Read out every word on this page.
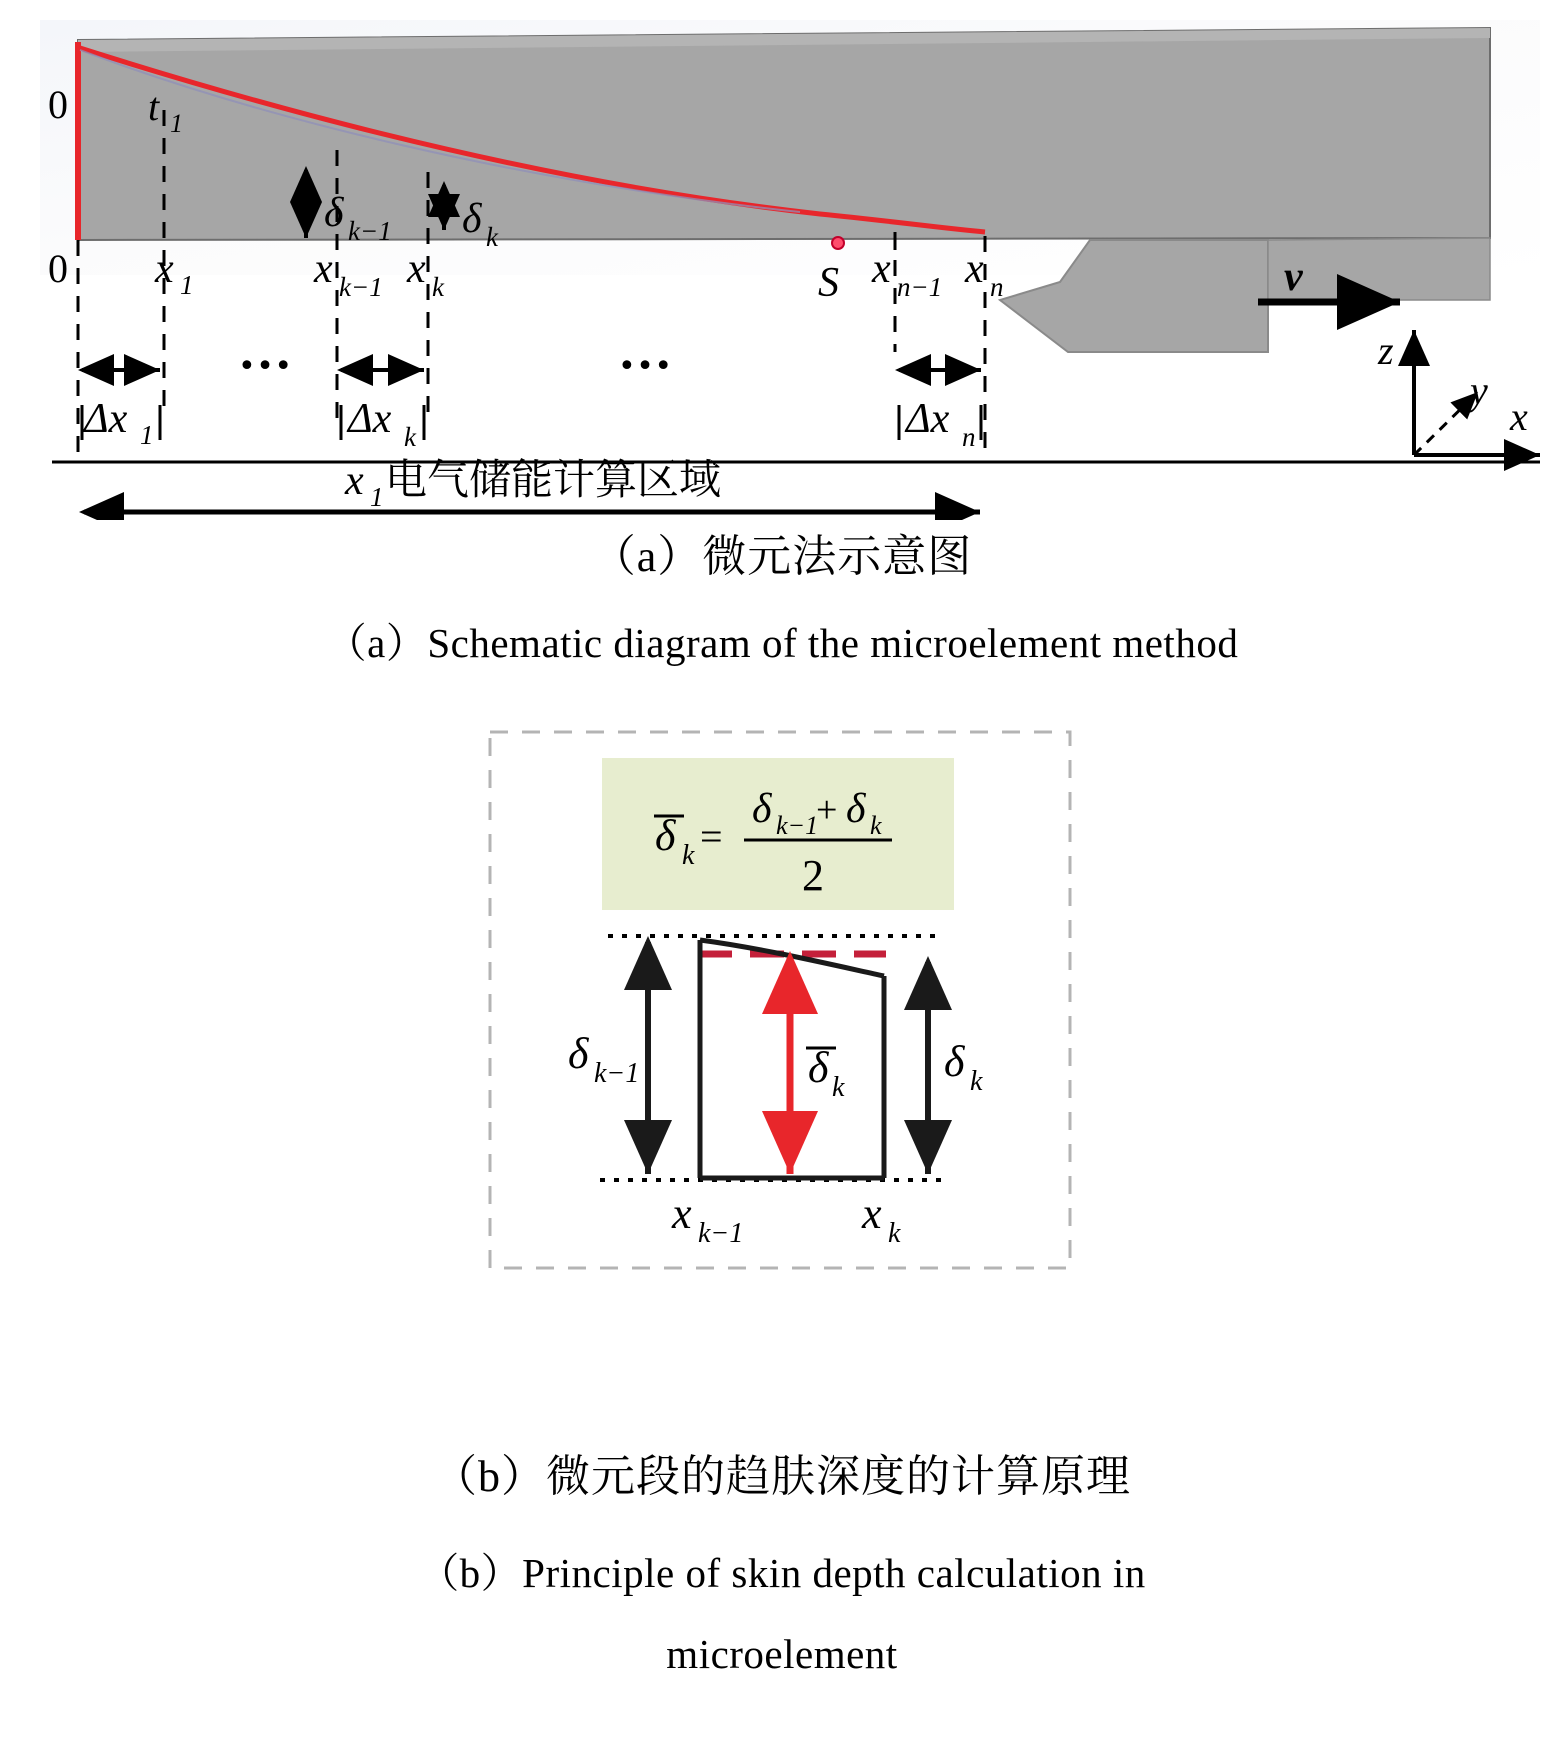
0
0
t 1
x 1	x k−1 x k	x n−1 x n
δ k−1 δ k
Δx 1	Δx k	Δx n
S	v
z
y
x
…	…
x 1 电气储能计算区域
（a）微元法示意图
（a）Schematic diagram of the microelement method
δ k =
δ k−1
+ δ k
2
δ k−1	δ k
δ k
x k−1	x k
（b）微元段的趋肤深度的计算原理
（b）Principle of skin depth calculation in
microelement
